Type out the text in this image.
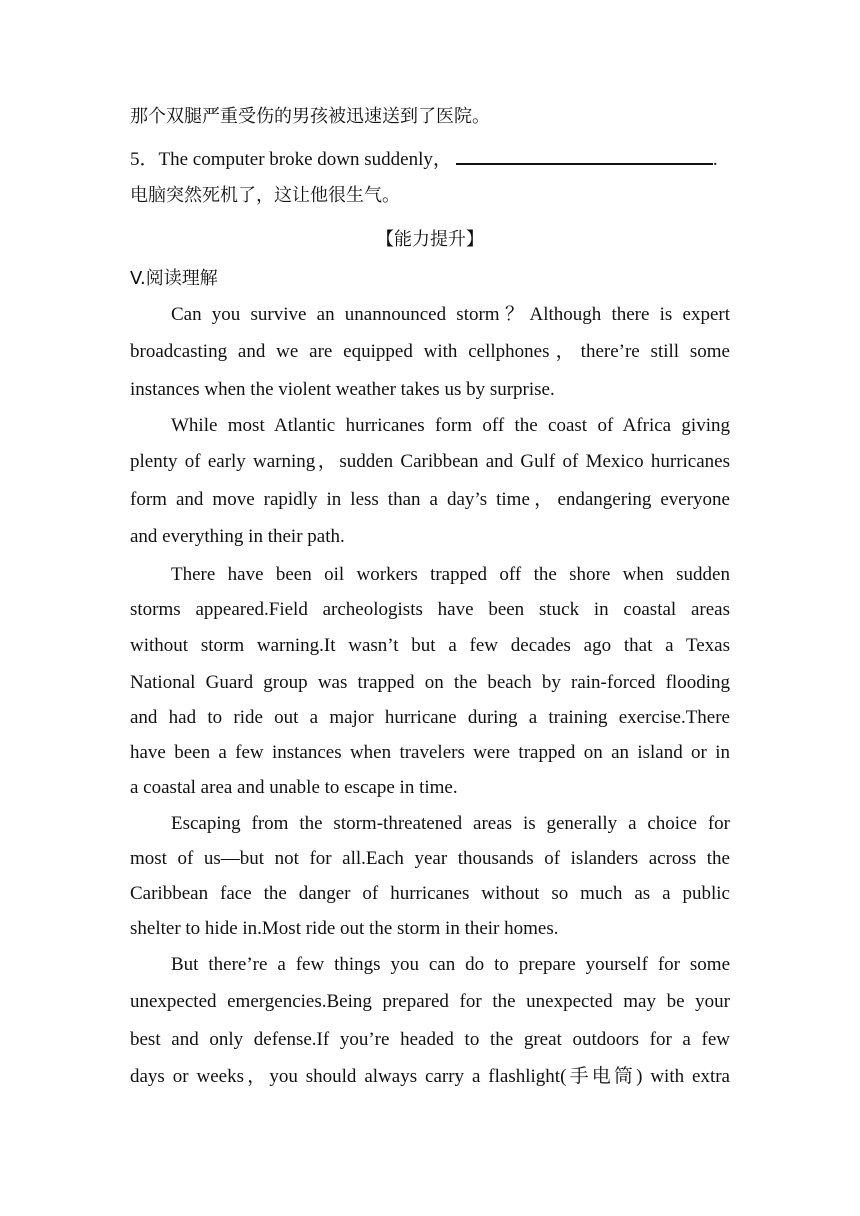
那个双腿严重受伤的男孩被迅速送到了医院。
5．The computer broke down suddenly，	.
电脑突然死机了，这让他很生气。
【能力提升】
V.阅读理解
Can you survive an unannounced storm？Although there is expert
broadcasting and we are equipped with cellphones，there’re still some
instances when the violent weather takes us by surprise.
While most Atlantic hurricanes form off the coast of Africa giving
plenty of early warning，sudden Caribbean and Gulf of Mexico hurricanes
form and move rapidly in less than a day’s time，endangering everyone
and everything in their path.
There have been oil workers trapped off the shore when sudden
storms appeared.Field archeologists have been stuck in coastal areas
without storm warning.It wasn’t but a few decades ago that a Texas
National Guard group was trapped on the beach by rain-forced flooding
and had to ride out a major hurricane during a training exercise.There
have been a few instances when travelers were trapped on an island or in
a coastal area and unable to escape in time.
Escaping from the storm-threatened areas is generally a choice for
most of us—but not for all.Each year thousands of islanders across the
Caribbean face the danger of hurricanes without so much as a public
shelter to hide in.Most ride out the storm in their homes.
But there’re a few things you can do to prepare yourself for some
unexpected emergencies.Being prepared for the unexpected may be your
best and only defense.If you’re headed to the great outdoors for a few
days or weeks，you should always carry a flashlight(手电筒) with extra
